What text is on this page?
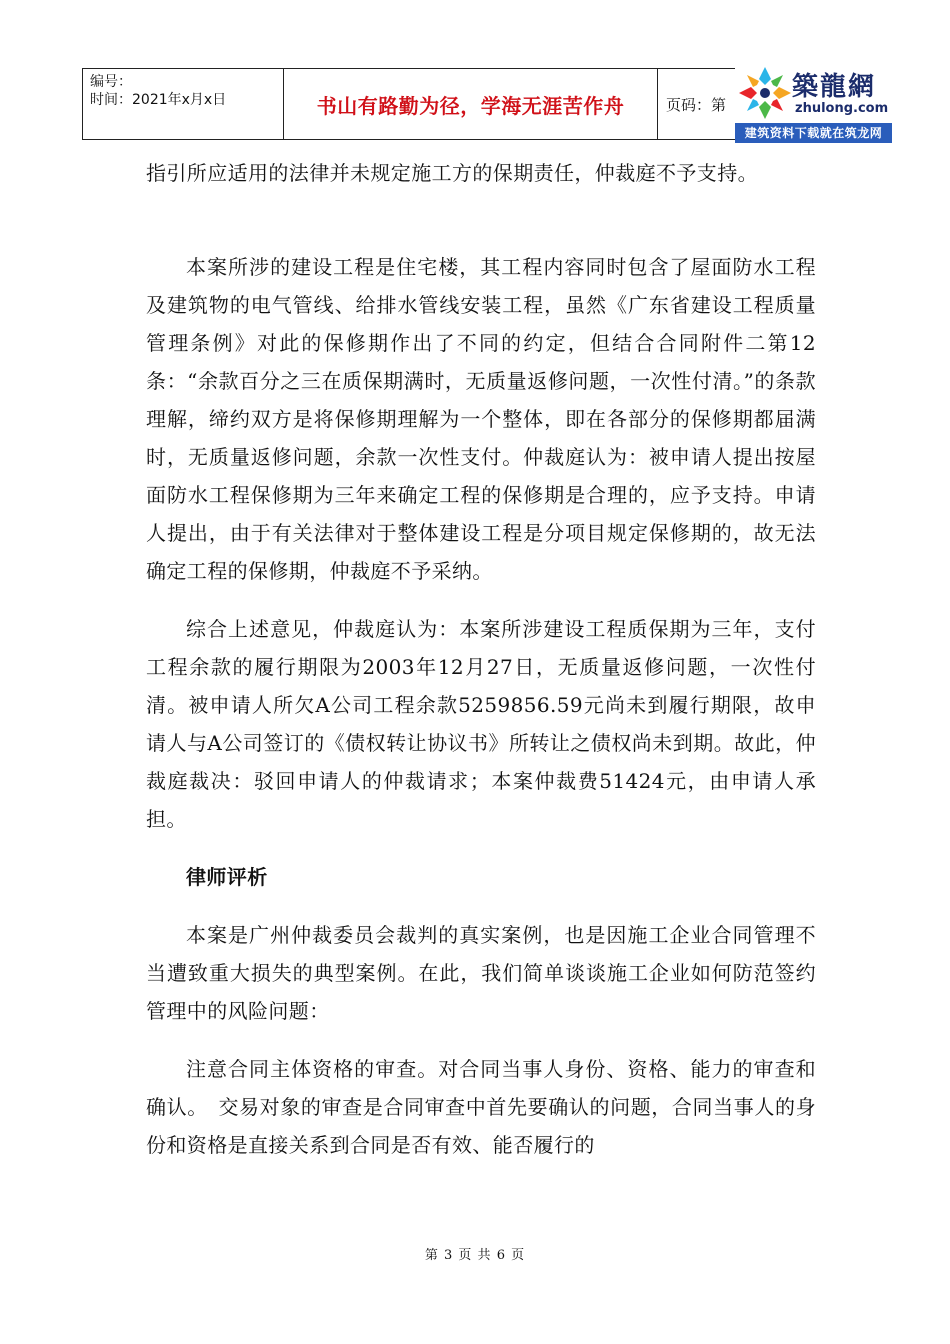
编号：
时间：2021年x月x日	书山有路勤为径，学海无涯苦作舟	页码：第
築龍網
zhulong.com
建筑资料下载就在筑龙网

指引所应适用的法律并未规定施工方的保期责任，仲裁庭不予支持。

本案所涉的建设工程是住宅楼，其工程内容同时包含了屋面防水工程及建筑物的电气管线、给排水管线安装工程，虽然《广东省建设工程质量管理条例》对此的保修期作出了不同的约定，但结合合同附件二第12条：“余款百分之三在质保期满时，无质量返修问题，一次性付清。”的条款理解，缔约双方是将保修期理解为一个整体，即在各部分的保修期都届满时，无质量返修问题，余款一次性支付。仲裁庭认为：被申请人提出按屋面防水工程保修期为三年来确定工程的保修期是合理的，应予支持。申请人提出，由于有关法律对于整体建设工程是分项目规定保修期的，故无法确定工程的保修期，仲裁庭不予采纳。

综合上述意见，仲裁庭认为：本案所涉建设工程质保期为三年，支付工程余款的履行期限为2003年12月27日，无质量返修问题，一次性付清。被申请人所欠A公司工程余款5259856.59元尚未到履行期限，故申请人与A公司签订的《债权转让协议书》所转让之债权尚未到期。故此，仲裁庭裁决：驳回申请人的仲裁请求；本案仲裁费51424元，由申请人承担。

律师评析

本案是广州仲裁委员会裁判的真实案例，也是因施工企业合同管理不当遭致重大损失的典型案例。在此，我们简单谈谈施工企业如何防范签约管理中的风险问题：

注意合同主体资格的审查。对合同当事人身份、资格、能力的审查和确认。　交易对象的审查是合同审查中首先要确认的问题，合同当事人的身份和资格是直接关系到合同是否有效、能否履行的

第 3 页 共 6 页
